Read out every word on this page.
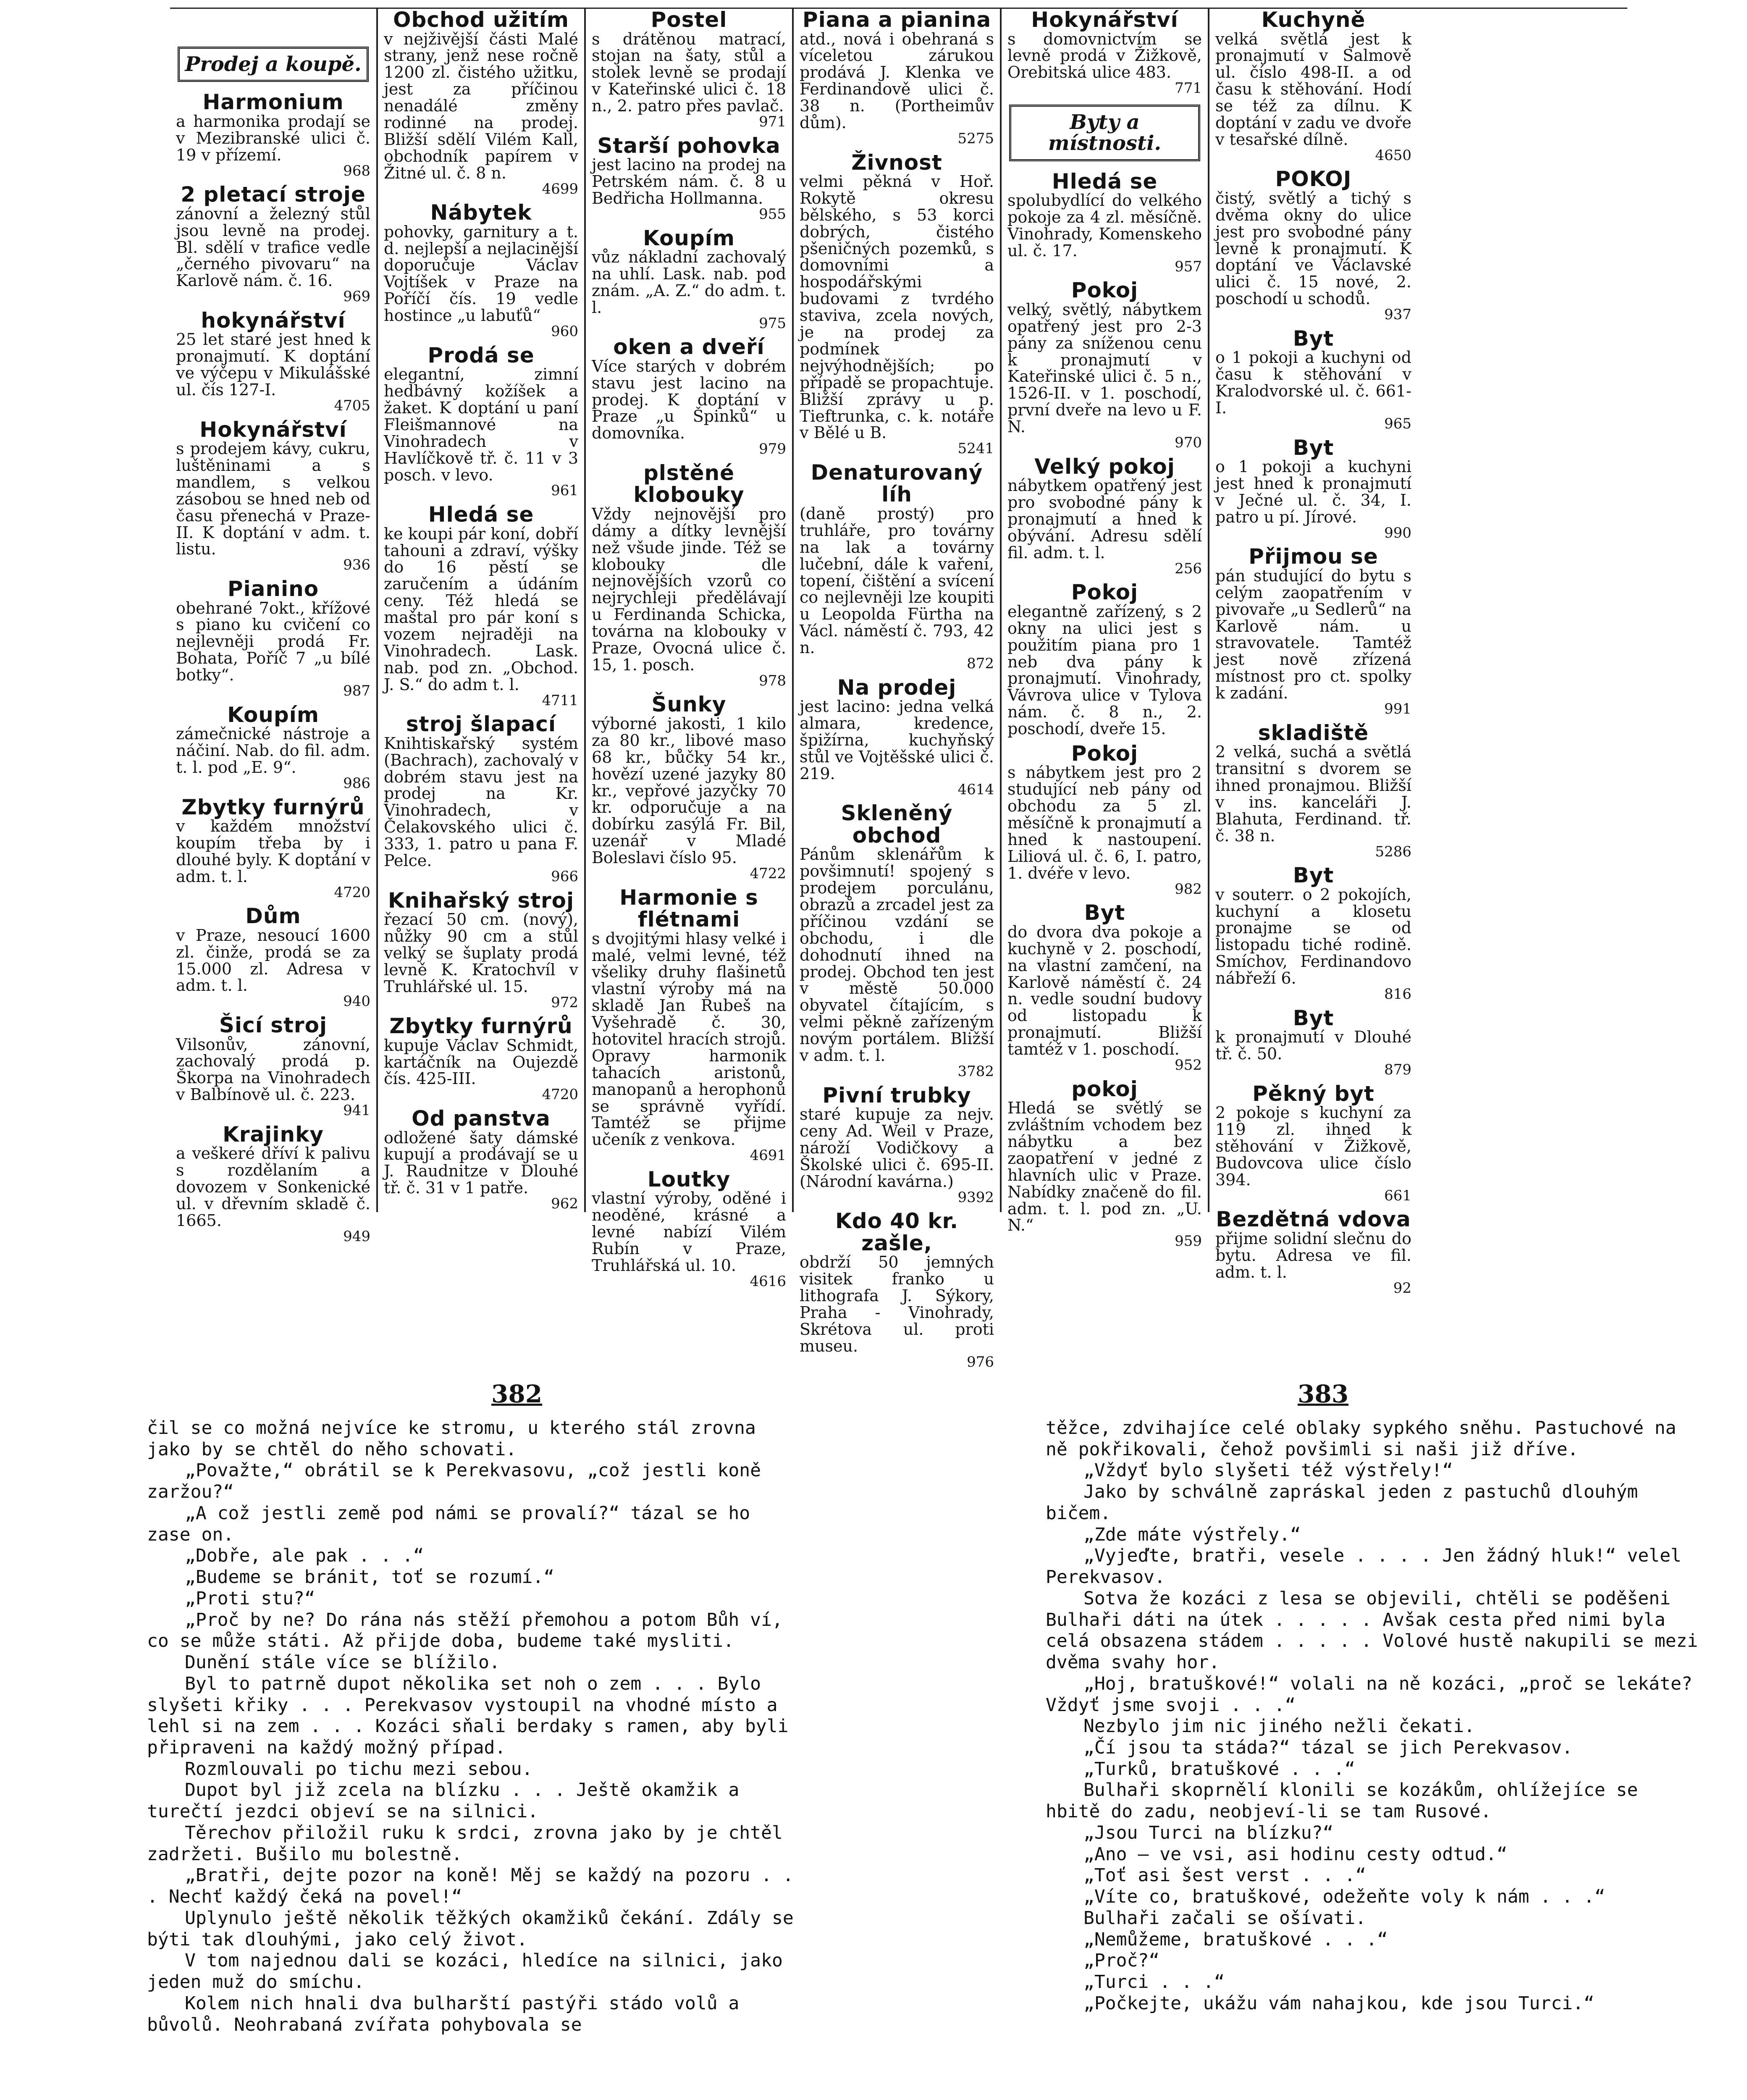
Prodej a koupě.
Harmonium

a harmonika prodají se v Mezibranské ulici č. 19 v přízemí.

968
2 pletací stroje

zánovní a železný stůl jsou levně na prodej. Bl. sdělí v trafice vedle „černého pivovaru“ na Karlově nám. č. 16.

969
hokynářství

25 let staré jest hned k pronajmutí. K doptání ve výčepu v Mikulášské ul. čís 127-I.

4705
Hokynářství

s prodejem kávy, cukru, luštěninami a s mandlem, s velkou zásobou se hned neb od času přenechá v Praze-II. K doptání v adm. t. listu.

936
Pianino

obehrané 7okt., křížové s piano ku cvičení co nejlevněji prodá Fr. Bohata, Poříč 7 „u bílé botky“.

987
Koupím

zámečnické nástroje a náčiní. Nab. do fil. adm. t. l. pod „E. 9“.

986
Zbytky furnýrů

v každém množství koupím třeba by i dlouhé byly. K doptání v adm. t. l.

4720
Dům

v Praze, nesoucí 1600 zl. činže, prodá se za 15.000 zl. Adresa v adm. t. l.

940
Šicí stroj

Vilsonův, zánovní, zachovalý prodá p. Škorpa na Vinohradech v Balbínově ul. č. 223.

941
Krajinky

a veškeré dříví k palivu s rozdělaním a dovozem v Sonkenické ul. v dřevním skladě č. 1665.

949
Obchod užitím

v nejživější části Malé strany, jenž nese ročně 1200 zl. čistého užitku, jest za příčinou nenadálé změny rodinné na prodej. Bližší sdělí Vilém Kall, obchodník papírem v Žitné ul. č. 8 n.

4699
Nábytek

pohovky, garnitury a t. d. nejlepší a nejlacinější doporučuje Václav Vojtíšek v Praze na Poříčí čís. 19 vedle hostince „u labuťů“

960
Prodá se

elegantní, zimní hedbávný kožíšek a žaket. K doptání u paní Fleišmannové na Vinohradech v Havlíčkově tř. č. 11 v 3 posch. v levo.

961
Hledá se

ke koupi pár koní, dobří tahouni a zdraví, výšky do 16 pěstí se zaručením a údáním ceny. Též hledá se maštal pro pár koní s vozem nejraději na Vinohradech. Lask. nab. pod zn. „Obchod. J. S.“ do adm t. l.

4711
stroj šlapací

Knihtiskařský systém (Bachrach), zachovalý v dobrém stavu jest na prodej na Kr. Vinohradech, v Čelakovského ulici č. 333, 1. patro u pana F. Pelce.

966
Knihařský stroj

řezací 50 cm. (nový), nůžky 90 cm a stůl velký se šuplaty prodá levně K. Kratochvíl v Truhlářské ul. 15.

972
Zbytky furnýrů

kupuje Václav Schmidt, kartáčník na Oujezdě čís. 425-III.

4720
Od panstva

odložené šaty dámské kupují a prodávají se u J. Raudnitze v Dlouhé tř. č. 31 v 1 patře.

962
Postel

s drátěnou matrací, stojan na šaty, stůl a stolek levně se prodají v Kateřinské ulici č. 18 n., 2. patro přes pavlač.

971
Starší pohovka

jest lacino na prodej na Petrském nám. č. 8 u Bedřicha Hollmanna.

955
Koupím

vůz nákladní zachovalý na uhlí. Lask. nab. pod znám. „A. Z.“ do adm. t. l.

975
oken a dveří

Více starých v dobrém stavu jest lacino na prodej. K doptání v Praze „u Špinků“ u domovníka.

979
plstěné klobouky

Vždy nejnovější pro dámy a dítky levnější než všude jinde. Též se klobouky dle nejnovějších vzorů co nejrychleji předělávají u Ferdinanda Schicka, továrna na klobouky v Praze, Ovocná ulice č. 15, 1. posch.

978
Šunky

výborné jakosti, 1 kilo za 80 kr., libové maso 68 kr., bůčky 54 kr., hovězí uzené jazyky 80 kr., vepřové jazyčky 70 kr. odporučuje a na dobírku zasýlá Fr. Bil, uzenář v Mladé Boleslavi číslo 95.

4722
Harmonie s flétnami

s dvojitými hlasy velké i malé, velmi levné, též všeliky druhy flašinetů vlastní výroby má na skladě Jan Rubeš na Vyšehradě č. 30, hotovitel hracích strojů. Opravy harmonik tahacích aristonů, manopanů a herophonů se správně vyřídí. Tamtéž se přijme učeník z venkova.

4691
Loutky

vlastní výroby, oděné i neoděné, krásné a levné nabízí Vilém Rubín v Praze, Truhlářská ul. 10.

4616
Piana a pianina

atd., nová i obehraná s víceletou zárukou prodává J. Klenka ve Ferdinandově ulici č. 38 n. (Portheimův dům).

5275
Živnost

velmi pěkná v Hoř. Rokytě okresu bělského, s 53 korci dobrých, čistého pšeničných pozemků, s domovními a hospodářskými budovami z tvrdého staviva, zcela nových, je na prodej za podmínek nejvýhodnějších; po případě se propachtuje. Bližší zprávy u p. Tieftrunka, c. k. notáře v Bělé u B.

5241
Denaturovaný líh

(daně prostý) pro truhláře, pro továrny na lak a továrny lučební, dále k vaření, topení, čištění a svícení co nejlevněji lze koupiti u Leopolda Fürtha na Václ. náměstí č. 793, 42 n.

872
Na prodej

jest lacino: jedna velká almara, kredence, špižírna, kuchyňský stůl ve Vojtěšské ulici č. 219.

4614
Skleněný obchod

Pánům sklenářům k povšimnutí! spojený s prodejem porculánu, obrazů a zrcadel jest za příčinou vzdání se obchodu, i dle dohodnutí ihned na prodej. Obchod ten jest v městě 50.000 obyvatel čítajícím, s velmi pěkně zařízeným novým portálem. Bližší v adm. t. l.

3782
Pivní trubky

staré kupuje za nejv. ceny Ad. Weil v Praze, nároží Vodičkovy a Školské ulici č. 695-II. (Národní kavárna.)

9392
Kdo 40 kr. zašle,

obdrží 50 jemných visitek franko u lithografa J. Sýkory, Praha - Vinohrady, Skrétova ul. proti museu.

976
Hokynářství

s domovnictvím se levně prodá v Žižkově, Orebitská ulice 483.

771
Byty a místnosti.
Hledá se

spolubydlící do velkého pokoje za 4 zl. měsíčně. Vinohrady, Komenskeho ul. č. 17.

957
Pokoj

velký, světlý, nábytkem opatřený jest pro 2-3 pány za sníženou cenu k pronajmutí v Kateřinské ulici č. 5 n., 1526-II. v 1. poschodí, první dveře na levo u F. N.

970
Velký pokoj

nábytkem opatřený jest pro svobodné pány k pronajmutí a hned k obývání. Adresu sdělí fil. adm. t. l.

256
Pokoj

elegantně zařízený, s 2 okny na ulici jest s použitím piana pro 1 neb dva pány k pronajmutí. Vinohrady, Vávrova ulice v Tylova nám. č. 8 n., 2. poschodí, dveře 15.

Pokoj

s nábytkem jest pro 2 studující neb pány od obchodu za 5 zl. měsíčně k pronajmutí a hned k nastoupení. Liliová ul. č. 6, I. patro, 1. dvéře v levo.

982
Byt

do dvora dva pokoje a kuchyně v 2. poschodí, na vlastní zamčení, na Karlově náměstí č. 24 n. vedle soudní budovy od listopadu k pronajmutí. Bližší tamtéž v 1. poschodí.

952
pokoj

Hledá se světlý se zvláštním vchodem bez nábytku a bez zaopatření v jedné z hlavních ulic v Praze. Nabídky značeně do fil. adm. t. l. pod zn. „U. N.“

959
Kuchyně

velká světlá jest k pronajmutí v Salmově ul. číslo 498-II. a od času k stěhování. Hodí se též za dílnu. K doptání v zadu ve dvoře v tesařské dílně.

4650
POKOJ

čistý, světlý a tichý s dvěma okny do ulice jest pro svobodné pány levně k pronajmutí. K doptání ve Václavské ulici č. 15 nové, 2. poschodí u schodů.

937
Byt

o 1 pokoji a kuchyni od času k stěhování v Kralodvorské ul. č. 661-I.

965
Byt

o 1 pokoji a kuchyni jest hned k pronajmutí v Ječné ul. č. 34, I. patro u pí. Jírové.

990
Přijmou se

pán studující do bytu s celým zaopatřením v pivovaře „u Sedlerů“ na Karlově nám. u stravovatele. Tamtéž jest nově zřízená místnost pro ct. spolky k zadání.

991
skladiště

2 velká, suchá a světlá transitní s dvorem se ihned pronajmou. Bližší v ins. kanceláři J. Blahuta, Ferdinand. tř. č. 38 n.

5286
Byt

v souterr. o 2 pokojích, kuchyní a klosetu pronajme se od listopadu tiché rodině. Smíchov, Ferdinandovo nábřeží 6.

816
Byt

k pronajmutí v Dlouhé tř. č. 50.

879
Pěkný byt

2 pokoje s kuchyní za 119 zl. ihned k stěhování v Žižkově, Budovcova ulice číslo 394.

661
Bezdětná vdova

přijme solidní slečnu do bytu. Adresa ve fil. adm. t. l.

92
382	383

čil se co možná nejvíce ke stromu, u kterého stál zrovna jako by se chtěl do něho schovati.

„Považte,“ obrátil se k Perekvasovu, „což jestli koně zaržou?“

„A což jestli země pod námi se provalí?“ tázal se ho zase on.

„Dobře, ale pak . . .“

„Budeme se bránit, toť se rozumí.“

„Proti stu?“

„Proč by ne? Do rána nás stěží přemohou a potom Bůh ví, co se může státi. Až přijde doba, budeme také mysliti.

Dunění stále více se blížilo.

Byl to patrně dupot několika set noh o zem . . . Bylo slyšeti křiky . . . Perekvasov vystoupil na vhodné místo a lehl si na zem . . . Kozáci sňali berdaky s ramen, aby byli připraveni na každý možný případ.

Rozmlouvali po tichu mezi sebou.

Dupot byl již zcela na blízku . . . Ještě okamžik a turečtí jezdci objeví se na silnici.

Těrechov přiložil ruku k srdci, zrovna jako by je chtěl zadržeti. Bušilo mu bolestně.

„Bratři, dejte pozor na koně! Měj se každý na pozoru . . . Nechť každý čeká na povel!“

Uplynulo ještě několik těžkých okamžiků čekání. Zdály se býti tak dlouhými, jako celý život.

V tom najednou dali se kozáci, hledíce na silnici, jako jeden muž do smíchu.

Kolem nich hnali dva bulharští pastýři stádo volů a bůvolů. Neohrabaná zvířata pohybovala se

těžce, zdvihajíce celé oblaky sypkého sněhu. Pastuchové na ně pokřikovali, čehož povšimli si naši již dříve.

„Vždyť bylo slyšeti též výstřely!“

Jako by schválně zapráskal jeden z pastuchů dlouhým bičem.

„Zde máte výstřely.“

„Vyjeďte, bratři, vesele . . . . Jen žádný hluk!“ velel Perekvasov.

Sotva že kozáci z lesa se objevili, chtěli se poděšeni Bulhaři dáti na útek . . . . . Avšak cesta před nimi byla celá obsazena stádem . . . . . Volové hustě nakupili se mezi dvěma svahy hor.

„Hoj, bratuškové!“ volali na ně kozáci, „proč se lekáte? Vždyť jsme svoji . . .“

Nezbylo jim nic jiného nežli čekati.

„Čí jsou ta stáda?“ tázal se jich Perekvasov.

„Turků, bratuškové . . .“

Bulhaři skoprnělí klonili se kozákům, ohlížejíce se hbitě do zadu, neobjeví-li se tam Rusové.

„Jsou Turci na blízku?“

„Ano — ve vsi, asi hodinu cesty odtud.“

„Toť asi šest verst . . .“

„Víte co, bratuškové, odežeňte voly k nám . . .“

Bulhaři začali se ošívati.

„Nemůžeme, bratuškové . . .“

„Proč?“

„Turci . . .“

„Počkejte, ukážu vám nahajkou, kde jsou Turci.“
